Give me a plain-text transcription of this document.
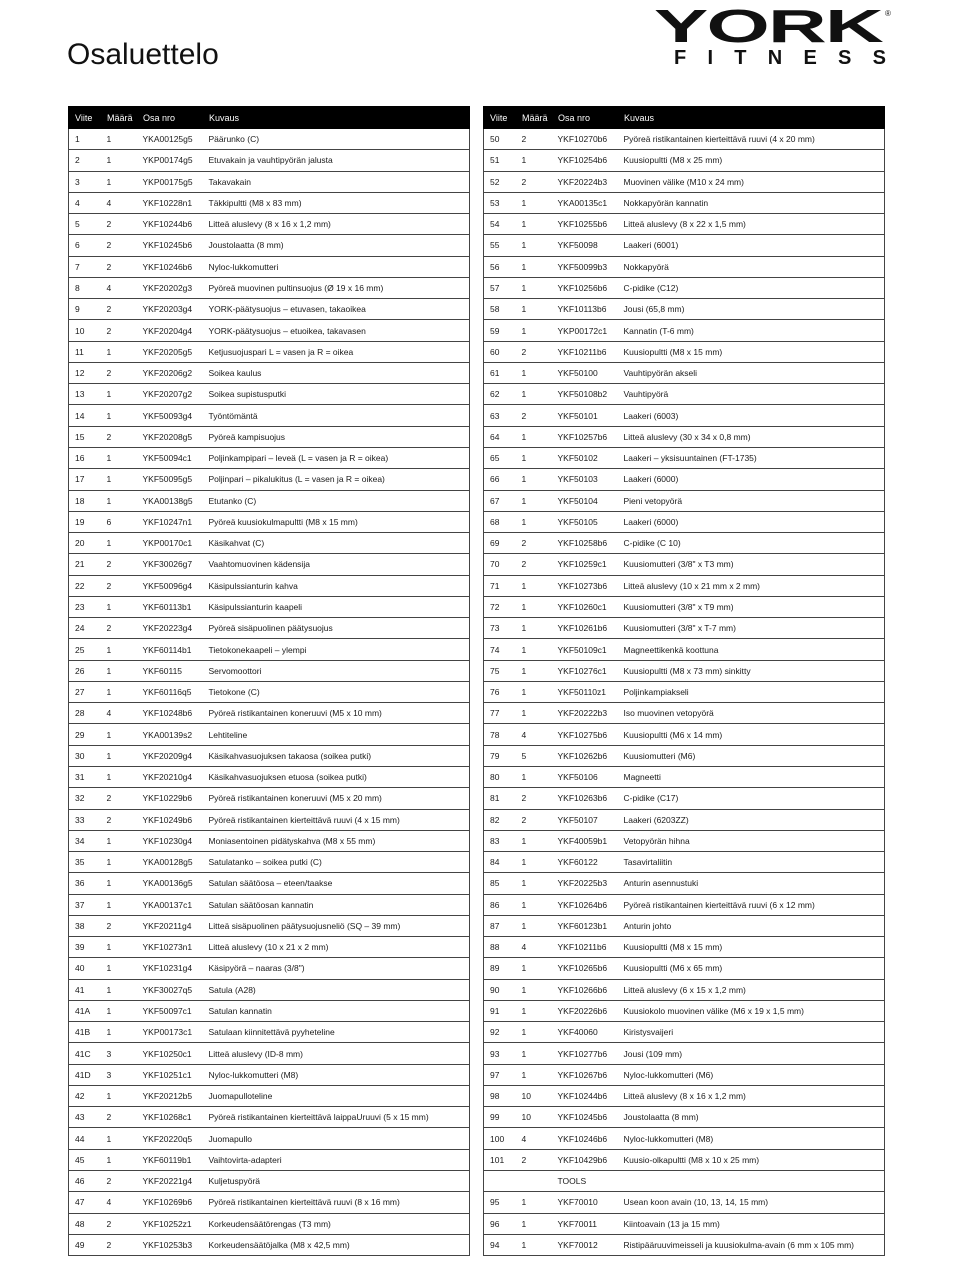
Osaluettelo
YORK ®
FITNESS
Viite	Määrä	Osa nro	Kuvaus
1	1	YKA00125g5	Päärunko (C)
2	1	YKP00174g5	Etuvakain ja vauhtipyörän jalusta
3	1	YKP00175g5	Takavakain
4	4	YKF10228n1	Täkkipultti (M8 x 83 mm)
5	2	YKF10244b6	Litteä aluslevy (8 x 16 x 1,2 mm)
6	2	YKF10245b6	Joustolaatta (8 mm)
7	2	YKF10246b6	Nyloc-lukkomutteri
8	4	YKF20202g3	Pyöreä muovinen pultinsuojus (Ø 19 x 16 mm)
9	2	YKF20203g4	YORK-päätysuojus – etuvasen, takaoikea
10	2	YKF20204g4	YORK-päätysuojus – etuoikea, takavasen
11	1	YKF20205g5	Ketjusuojuspari L = vasen ja R = oikea
12	2	YKF20206g2	Soikea kaulus
13	1	YKF20207g2	Soikea supistusputki
14	1	YKF50093g4	Työntömäntä
15	2	YKF20208g5	Pyöreä kampisuojus
16	1	YKF50094c1	Poljinkampipari – leveä (L = vasen ja R = oikea)
17	1	YKF50095g5	Poljinpari – pikalukitus (L = vasen ja R = oikea)
18	1	YKA00138g5	Etutanko (C)
19	6	YKF10247n1	Pyöreä kuusiokulmapultti (M8 x 15 mm)
20	1	YKP00170c1	Käsikahvat (C)
21	2	YKF30026g7	Vaahtomuovinen kädensija
22	2	YKF50096g4	Käsipulssianturin kahva
23	1	YKF60113b1	Käsipulssianturin kaapeli
24	2	YKF20223g4	Pyöreä sisäpuolinen päätysuojus
25	1	YKF60114b1	Tietokonekaapeli – ylempi
26	1	YKF60115	Servomoottori
27	1	YKF60116q5	Tietokone (C)
28	4	YKF10248b6	Pyöreä ristikantainen koneruuvi (M5 x 10 mm)
29	1	YKA00139s2	Lehtiteline
30	1	YKF20209g4	Käsikahvasuojuksen takaosa (soikea putki)
31	1	YKF20210g4	Käsikahvasuojuksen etuosa (soikea putki)
32	2	YKF10229b6	Pyöreä ristikantainen koneruuvi (M5 x 20 mm)
33	2	YKF10249b6	Pyöreä ristikantainen kierteittävä ruuvi (4 x 15 mm)
34	1	YKF10230g4	Moniasentoinen pidätyskahva (M8 x 55 mm)
35	1	YKA00128g5	Satulatanko – soikea putki (C)
36	1	YKA00136g5	Satulan säätöosa – eteen/taakse
37	1	YKA00137c1	Satulan säätöosan kannatin
38	2	YKF20211g4	Litteä sisäpuolinen päätysuojusneliö (SQ – 39 mm)
39	1	YKF10273n1	Litteä aluslevy (10 x 21 x 2 mm)
40	1	YKF10231g4	Käsipyörä – naaras (3/8")
41	1	YKF30027q5	Satula (A28)
41A	1	YKF50097c1	Satulan kannatin
41B	1	YKP00173c1	Satulaan kiinnitettävä pyyheteline
41C	3	YKF10250c1	Litteä aluslevy (ID-8 mm)
41D	3	YKF10251c1	Nyloc-lukkomutteri (M8)
42	1	YKF20212b5	Juomapulloteline
43	2	YKF10268c1	Pyöreä ristikantainen kierteittävä laippaUruuvi (5 x 15 mm)
44	1	YKF20220q5	Juomapullo
45	1	YKF60119b1	Vaihtovirta-adapteri
46	2	YKF20221g4	Kuljetuspyörä
47	4	YKF10269b6	Pyöreä ristikantainen kierteittävä ruuvi (8 x 16 mm)
48	2	YKF10252z1	Korkeudensäätörengas (T3 mm)
49	2	YKF10253b3	Korkeudensäätöjalka (M8 x 42,5 mm)
Viite	Määrä	Osa nro	Kuvaus
50	2	YKF10270b6	Pyöreä ristikantainen kierteittävä ruuvi (4 x 20 mm)
51	1	YKF10254b6	Kuusiopultti (M8 x 25 mm)
52	2	YKF20224b3	Muovinen välike (M10 x 24 mm)
53	1	YKA00135c1	Nokkapyörän kannatin
54	1	YKF10255b6	Litteä aluslevy (8 x 22 x 1,5 mm)
55	1	YKF50098	Laakeri (6001)
56	1	YKF50099b3	Nokkapyörä
57	1	YKF10256b6	C-pidike (C12)
58	1	YKF10113b6	Jousi (65,8 mm)
59	1	YKP00172c1	Kannatin (T-6 mm)
60	2	YKF10211b6	Kuusiopultti (M8 x 15 mm)
61	1	YKF50100	Vauhtipyörän akseli
62	1	YKF50108b2	Vauhtipyörä
63	2	YKF50101	Laakeri (6003)
64	1	YKF10257b6	Litteä aluslevy (30 x 34 x 0,8 mm)
65	1	YKF50102	Laakeri – yksisuuntainen (FT-1735)
66	1	YKF50103	Laakeri (6000)
67	1	YKF50104	Pieni vetopyörä
68	1	YKF50105	Laakeri (6000)
69	2	YKF10258b6	C-pidike (C 10)
70	2	YKF10259c1	Kuusiomutteri (3/8" x T3 mm)
71	1	YKF10273b6	Litteä aluslevy (10 x 21 mm x 2 mm)
72	1	YKF10260c1	Kuusiomutteri (3/8" x T9 mm)
73	1	YKF10261b6	Kuusiomutteri (3/8" x T-7 mm)
74	1	YKF50109c1	Magneettikenkä koottuna
75	1	YKF10276c1	Kuusiopultti (M8 x 73 mm) sinkitty
76	1	YKF50110z1	Poljinkampiakseli
77	1	YKF20222b3	Iso muovinen vetopyörä
78	4	YKF10275b6	Kuusiopultti (M6 x 14 mm)
79	5	YKF10262b6	Kuusiomutteri (M6)
80	1	YKF50106	Magneetti
81	2	YKF10263b6	C-pidike (C17)
82	2	YKF50107	Laakeri (6203ZZ)
83	1	YKF40059b1	Vetopyörän hihna
84	1	YKF60122	Tasavirtaliitin
85	1	YKF20225b3	Anturin asennustuki
86	1	YKF10264b6	Pyöreä ristikantainen kierteittävä ruuvi (6 x 12 mm)
87	1	YKF60123b1	Anturin johto
88	4	YKF10211b6	Kuusiopultti (M8 x 15 mm)
89	1	YKF10265b6	Kuusiopultti (M6 x 65 mm)
90	1	YKF10266b6	Litteä aluslevy (6 x 15 x 1,2 mm)
91	1	YKF20226b6	Kuusiokolo muovinen välike (M6 x 19 x 1,5 mm)
92	1	YKF40060	Kiristysvaijeri
93	1	YKF10277b6	Jousi (109 mm)
97	1	YKF10267b6	Nyloc-lukkomutteri (M6)
98	10	YKF10244b6	Litteä aluslevy (8 x 16 x 1,2 mm)
99	10	YKF10245b6	Joustolaatta (8 mm)
100	4	YKF10246b6	Nyloc-lukkomutteri (M8)
101	2	YKF10429b6	Kuusio-olkapultti (M8 x 10 x 25 mm)
		TOOLS	
95	1	YKF70010	Usean koon avain (10, 13, 14, 15 mm)
96	1	YKF70011	Kiintoavain (13 ja 15 mm)
94	1	YKF70012	Ristipääruuvimeisseli ja kuusiokulma-avain (6 mm x 105 mm)
